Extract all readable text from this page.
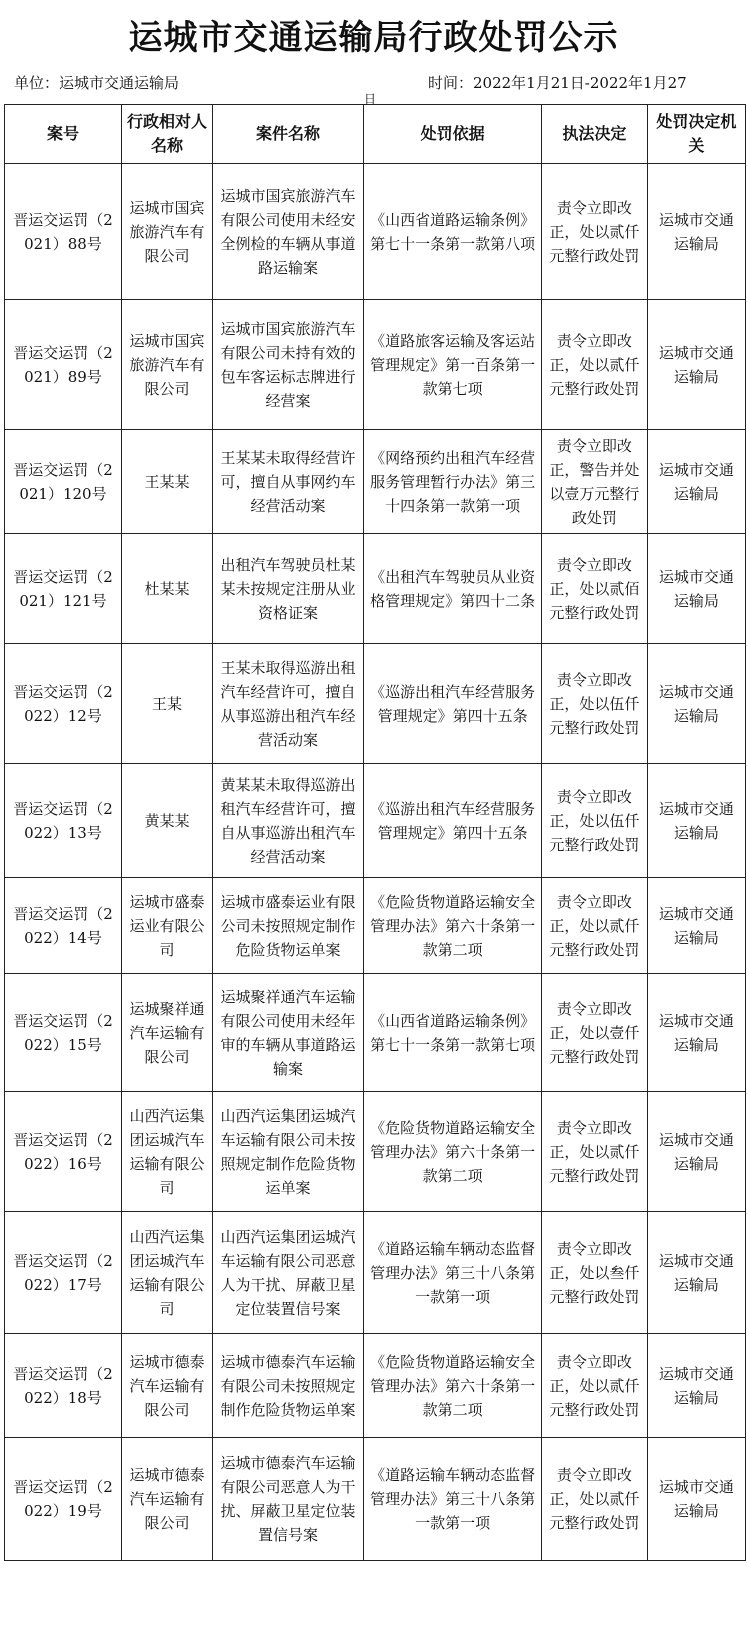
运城市交通运输局行政处罚公示
单位：运城市交通运输局	时间：2022年1月21日-2022年1月27
日
案号	行政相对人名称	案件名称	处罚依据	执法决定	处罚决定机关
晋运交运罚（2021）88号	运城市国宾旅游汽车有限公司	运城市国宾旅游汽车有限公司使用未经安全例检的车辆从事道路运输案	《山西省道路运输条例》第七十一条第一款第八项	责令立即改正，处以贰仟元整行政处罚	运城市交通运输局
晋运交运罚（2021）89号	运城市国宾旅游汽车有限公司	运城市国宾旅游汽车有限公司未持有效的包车客运标志牌进行经营案	《道路旅客运输及客运站管理规定》第一百条第一款第七项	责令立即改正，处以贰仟元整行政处罚	运城市交通运输局
晋运交运罚（2021）120号	王某某	王某某未取得经营许可，擅自从事网约车经营活动案	《网络预约出租汽车经营服务管理暂行办法》第三十四条第一款第一项	责令立即改正，警告并处以壹万元整行政处罚	运城市交通运输局
晋运交运罚（2021）121号	杜某某	出租汽车驾驶员杜某某未按规定注册从业资格证案	《出租汽车驾驶员从业资格管理规定》第四十二条	责令立即改正，处以贰佰元整行政处罚	运城市交通运输局
晋运交运罚（2022）12号	王某	王某未取得巡游出租汽车经营许可，擅自从事巡游出租汽车经营活动案	《巡游出租汽车经营服务管理规定》第四十五条	责令立即改正，处以伍仟元整行政处罚	运城市交通运输局
晋运交运罚（2022）13号	黄某某	黄某某未取得巡游出租汽车经营许可，擅自从事巡游出租汽车经营活动案	《巡游出租汽车经营服务管理规定》第四十五条	责令立即改正，处以伍仟元整行政处罚	运城市交通运输局
晋运交运罚（2022）14号	运城市盛泰运业有限公司	运城市盛泰运业有限公司未按照规定制作危险货物运单案	《危险货物道路运输安全管理办法》第六十条第一款第二项	责令立即改正，处以贰仟元整行政处罚	运城市交通运输局
晋运交运罚（2022）15号	运城聚祥通汽车运输有限公司	运城聚祥通汽车运输有限公司使用未经年审的车辆从事道路运输案	《山西省道路运输条例》第七十一条第一款第七项	责令立即改正，处以壹仟元整行政处罚	运城市交通运输局
晋运交运罚（2022）16号	山西汽运集团运城汽车运输有限公司	山西汽运集团运城汽车运输有限公司未按照规定制作危险货物运单案	《危险货物道路运输安全管理办法》第六十条第一款第二项	责令立即改正，处以贰仟元整行政处罚	运城市交通运输局
晋运交运罚（2022）17号	山西汽运集团运城汽车运输有限公司	山西汽运集团运城汽车运输有限公司恶意人为干扰、屏蔽卫星定位装置信号案	《道路运输车辆动态监督管理办法》第三十八条第一款第一项	责令立即改正，处以叁仟元整行政处罚	运城市交通运输局
晋运交运罚（2022）18号	运城市德泰汽车运输有限公司	运城市德泰汽车运输有限公司未按照规定制作危险货物运单案	《危险货物道路运输安全管理办法》第六十条第一款第二项	责令立即改正，处以贰仟元整行政处罚	运城市交通运输局
晋运交运罚（2022）19号	运城市德泰汽车运输有限公司	运城市德泰汽车运输有限公司恶意人为干扰、屏蔽卫星定位装置信号案	《道路运输车辆动态监督管理办法》第三十八条第一款第一项	责令立即改正，处以贰仟元整行政处罚	运城市交通运输局
